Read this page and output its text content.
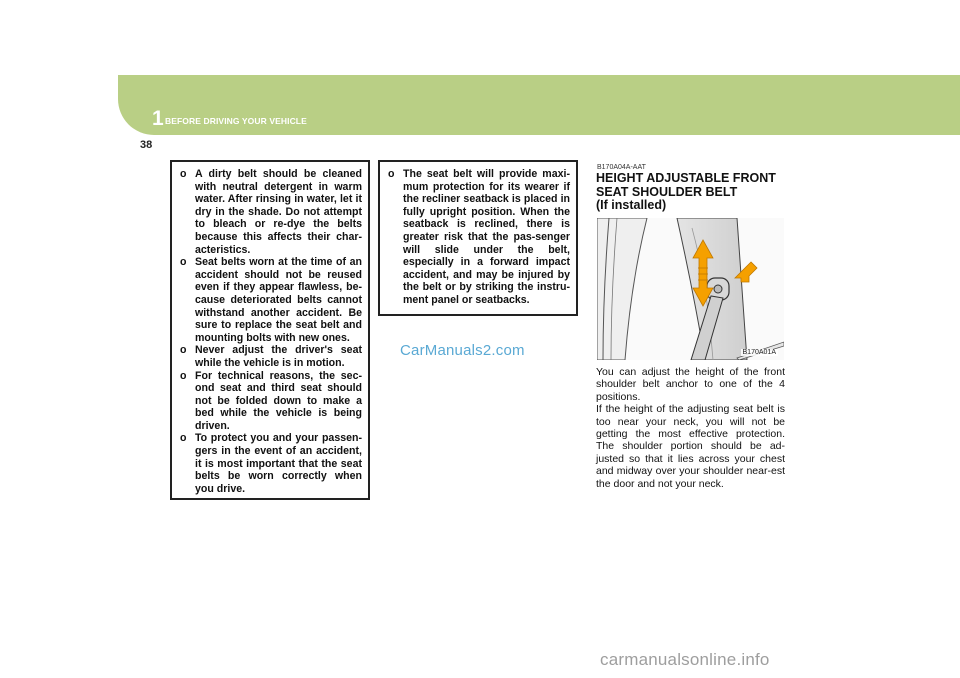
1 BEFORE DRIVING YOUR VEHICLE
38
o A dirty belt should be cleaned with neutral detergent in warm water. After rinsing in water, let it dry in the shade. Do not attempt to bleach or re-dye the belts because this affects their char-acteristics.
o Seat belts worn at the time of an accident should not be reused even if they appear flawless, be-cause deteriorated belts cannot withstand another accident. Be sure to replace the seat belt and mounting bolts with new ones.
o Never adjust the driver's seat while the vehicle is in motion.
o For technical reasons, the sec-ond seat and third seat should not be folded down to make a bed while the vehicle is being driven.
o To protect you and your passen-gers in the event of an accident, it is most important that the seat belts be worn correctly when you drive.
o The seat belt will provide maxi-mum protection for its wearer if the recliner seatback is placed in fully upright position. When the seatback is reclined, there is greater risk that the pas-senger will slide under the belt, especially in a forward impact accident, and may be injured by the belt or by striking the instru-ment panel or seatbacks.
CarManuals2.com
B170A04A-AAT
HEIGHT ADJUSTABLE FRONT
SEAT SHOULDER BELT
(If installed)
B170A01A

You can adjust the height of the front shoulder belt anchor to one of the 4 positions.

If the height of the adjusting seat belt is too near your neck, you will not be getting the most effective protection. The shoulder portion should be ad-justed so that it lies across your chest and midway over your shoulder near-est the door and not your neck.

carmanualsonline.info
